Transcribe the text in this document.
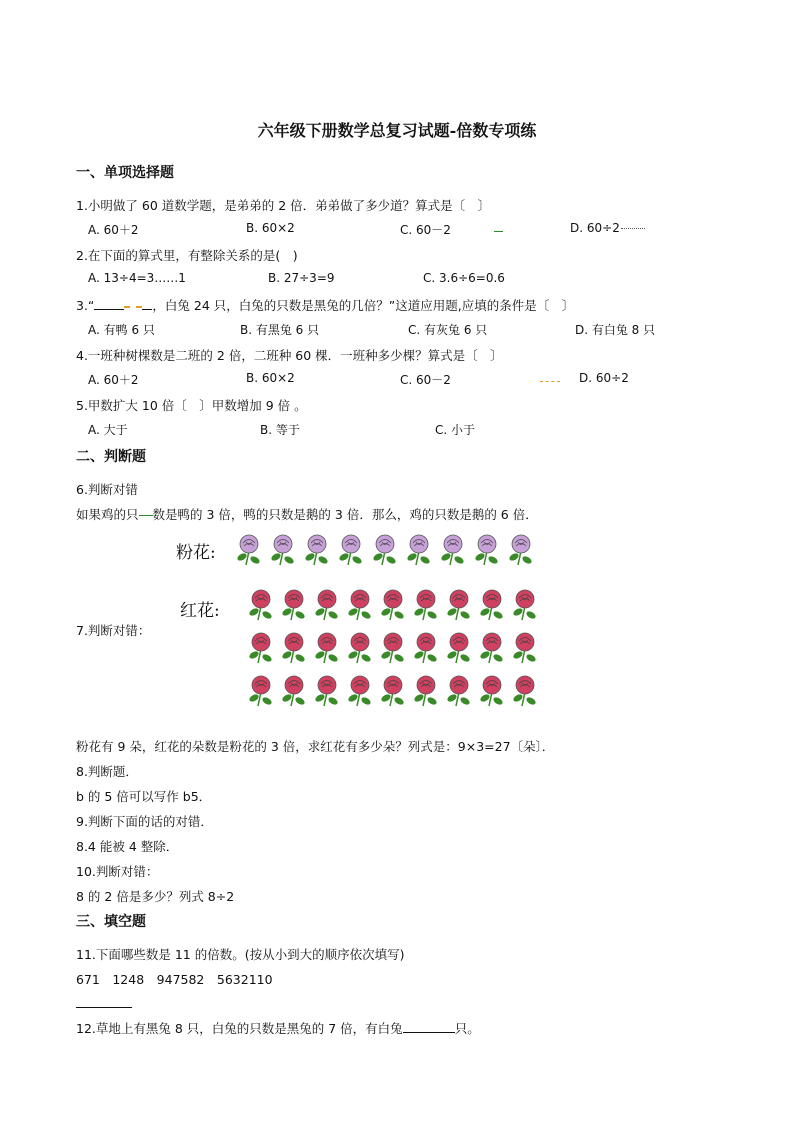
六年级下册数学总复习试题-倍数专项练
一、单项选择题
1.小明做了 60 道数学题，是弟弟的 2 倍．弟弟做了多少道？算式是〔　〕
A. 60＋2	B. 60×2	C. 60－2	D. 60÷2
2.在下面的算式里，有整除关系的是(　)
A. 13÷4=3……1	B. 27÷3=9	C. 3.6÷6=0.6
3.“	，白兔 24 只，白兔的只数是黑兔的几倍？”这道应用题,应填的条件是〔　〕
A. 有鸭 6 只	B. 有黑兔 6 只	C. 有灰兔 6 只	D. 有白兔 8 只
4.一班种树棵数是二班的 2 倍，二班种 60 棵．一班种多少棵？算式是〔　〕
A. 60＋2	B. 60×2	C. 60－2	D. 60÷2
5.甲数扩大 10 倍〔　〕甲数增加 9 倍 。
A. 大于	B. 等于	C. 小于
二、判断题
6.判断对错
如果鸡的只 数是鸭的 3 倍，鸭的只数是鹅的 3 倍．那么，鸡的只数是鹅的 6 倍．
粉花:
红花:
7.判断对错：
粉花有 9 朵，红花的朵数是粉花的 3 倍，求红花有多少朵？列式是：9×3=27〔朵〕．
8.判断题．
b 的 5 倍可以写作 b5．
9.判断下面的话的对错．
8.4 能被 4 整除．
10.判断对错：
8 的 2 倍是多少？列式 8÷2
三、填空题
11.下面哪些数是 11 的倍数。(按从小到大的顺序依次填写)
671　1248　947582　5632110
12.草地上有黑兔 8 只，白兔的只数是黑兔的 7 倍，有白兔	只。
